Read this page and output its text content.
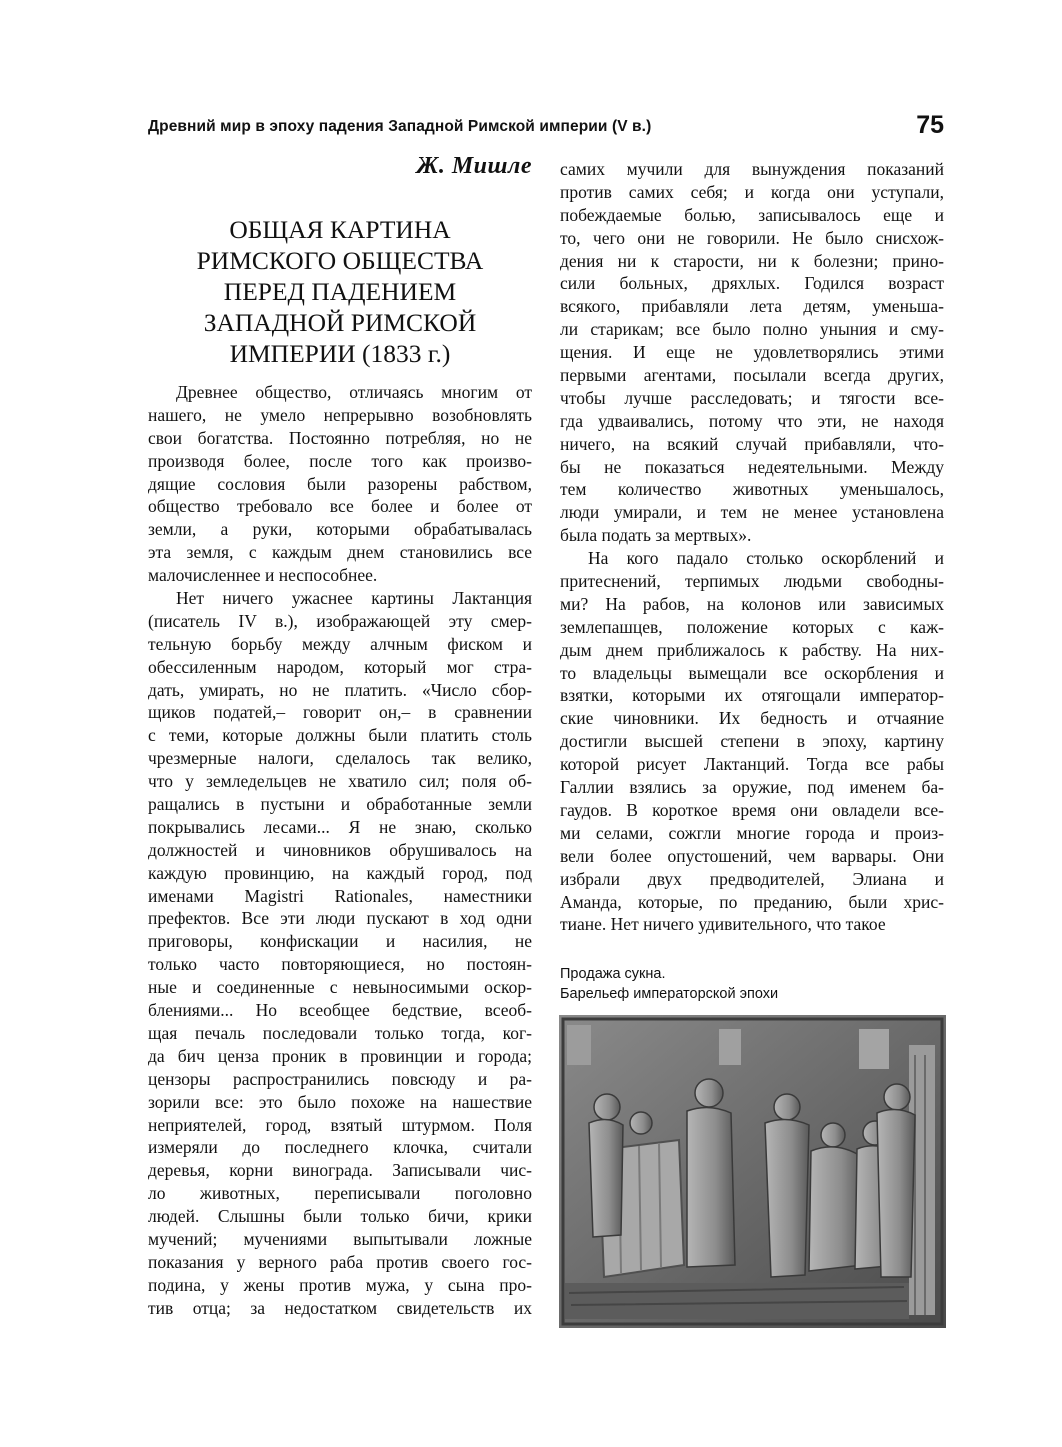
Древний мир в эпоху падения Западной Римской империи (V в.)	75
Ж. Мишле
ОБЩАЯ КАРТИНА
РИМСКОГО ОБЩЕСТВА
ПЕРЕД ПАДЕНИЕМ
ЗАПАДНОЙ РИМСКОЙ
ИМПЕРИИ (1833 г.)
Древнее общество, отличаясь многим от
нашего, не умело непрерывно возобновлять
свои богатства. Постоянно потребляя, но не
производя более, после того как произво-
дящие сословия были разорены рабством,
общество требовало все более и более от
земли, а руки, которыми обрабатывалась
эта земля, с каждым днем становились все
малочисленнее и неспособнее.
Нет ничего ужаснее картины Лактанция
(писатель IV в.), изображающей эту смер-
тельную борьбу между алчным фиском и
обессиленным народом, который мог стра-
дать, умирать, но не платить. «Число сбор-
щиков податей,– говорит он,– в сравнении
с теми, которые должны были платить столь
чрезмерные налоги, сделалось так велико,
что у земледельцев не хватило сил; поля об-
ращались в пустыни и обработанные земли
покрывались лесами... Я не знаю, сколько
должностей и чиновников обрушивалось на
каждую провинцию, на каждый город, под
именами Magistri Rationales, наместники
префектов. Все эти люди пускают в ход одни
приговоры, конфискации и насилия, не
только часто повторяющиеся, но постоян-
ные и соединенные с невыносимыми оскор-
блениями... Но всеобщее бедствие, всеоб-
щая печаль последовали только тогда, ког-
да бич ценза проник в провинции и города;
цензоры распространились повсюду и ра-
зорили все: это было похоже на нашествие
неприятелей, город, взятый штурмом. Поля
измеряли до последнего клочка, считали
деревья, корни винограда. Записывали чис-
ло животных, переписывали поголовно
людей. Слышны были только бичи, крики
мучений; мучениями выпытывали ложные
показания у верного раба против своего гос-
подина, у жены против мужа, у сына про-
тив отца; за недостатком свидетельств их
самих мучили для вынуждения показаний
против самих себя; и когда они уступали,
побеждаемые болью, записывалось еще и
то, чего они не говорили. Не было снисхож-
дения ни к старости, ни к болезни; прино-
сили больных, дряхлых. Годился возраст
всякого, прибавляли лета детям, уменьша-
ли старикам; все было полно уныния и сму-
щения. И еще не удовлетворялись этими
первыми агентами, посылали всегда других,
чтобы лучше расследовать; и тягости все-
гда удваивались, потому что эти, не находя
ничего, на всякий случай прибавляли, что-
бы не показаться недеятельными. Между
тем количество животных уменьшалось,
люди умирали, и тем не менее установлена
была подать за мертвых».
На кого падало столько оскорблений и
притеснений, терпимых людьми свободны-
ми? На рабов, на колонов или зависимых
землепашцев, положение которых с каж-
дым днем приближалось к рабству. На них-
то владельцы вымещали все оскорбления и
взятки, которыми их отягощали император-
ские чиновники. Их бедность и отчаяние
достигли высшей степени в эпоху, картину
которой рисует Лактанций. Тогда все рабы
Галлии взялись за оружие, под именем ба-
гаудов. В короткое время они овладели все-
ми селами, сожгли многие города и произ-
вели более опустошений, чем варвары. Они
избрали двух предводителей, Элиана и
Аманда, которые, по преданию, были хрис-
тиане. Нет ничего удивительного, что такое
Продажа сукна.
Барельеф императорской эпохи
